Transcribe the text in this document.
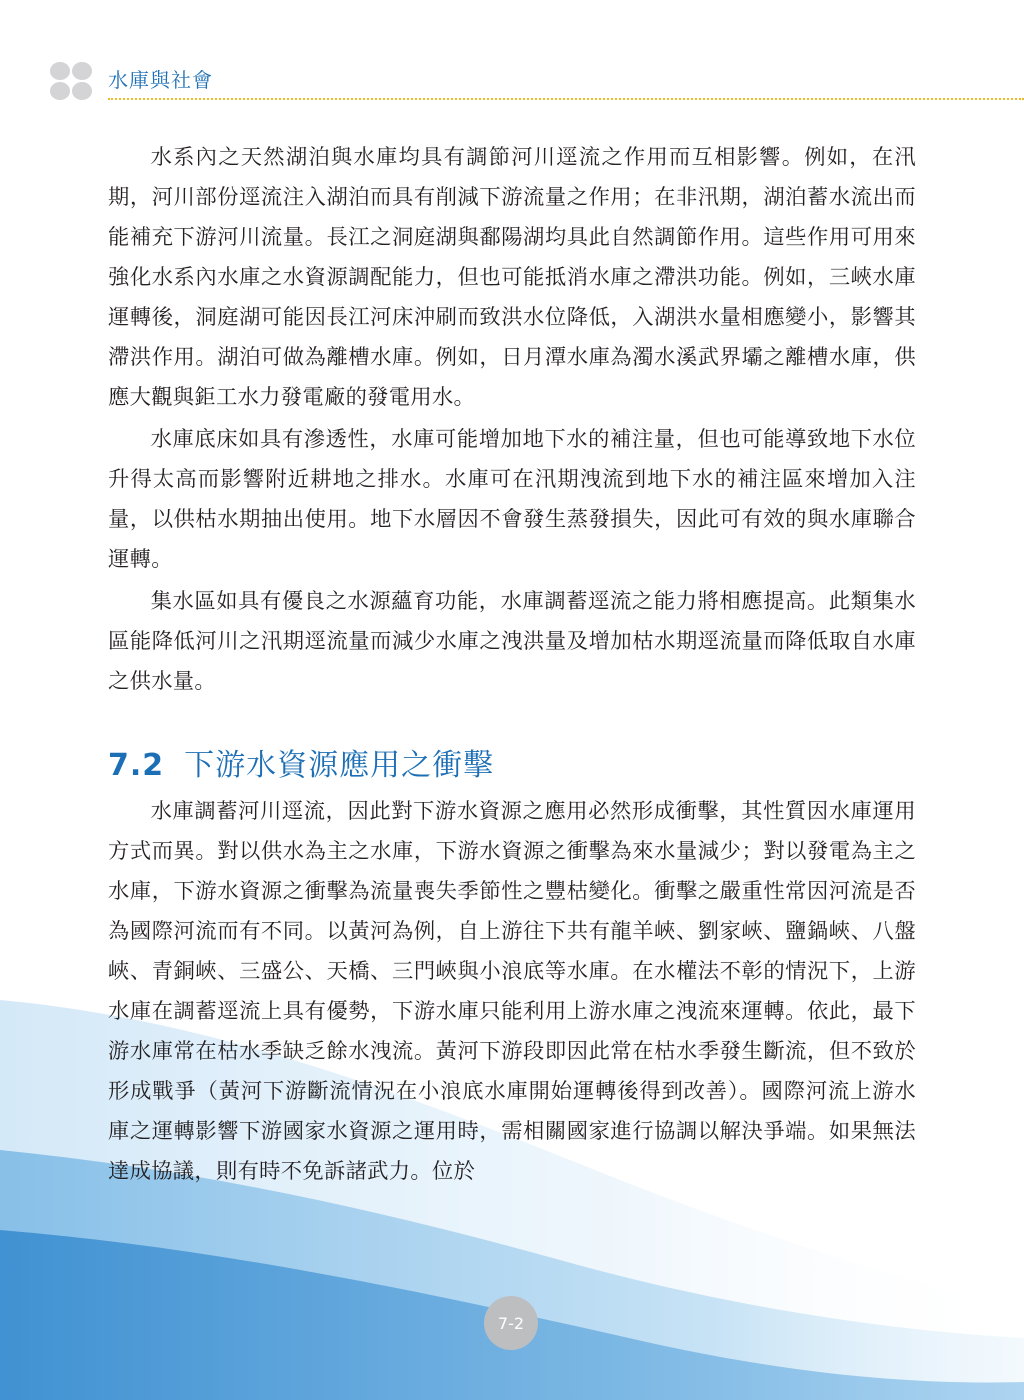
水庫與社會

水系內之天然湖泊與水庫均具有調節河川逕流之作用而互相影響。例如，在汛期，河川部份逕流注入湖泊而具有削減下游流量之作用；在非汛期，湖泊蓄水流出而能補充下游河川流量。長江之洞庭湖與鄱陽湖均具此自然調節作用。這些作用可用來強化水系內水庫之水資源調配能力，但也可能抵消水庫之滯洪功能。例如，三峽水庫運轉後，洞庭湖可能因長江河床沖刷而致洪水位降低，入湖洪水量相應變小，影響其滯洪作用。湖泊可做為離槽水庫。例如，日月潭水庫為濁水溪武界壩之離槽水庫，供應大觀與鉅工水力發電廠的發電用水。

水庫底床如具有滲透性，水庫可能增加地下水的補注量，但也可能導致地下水位升得太高而影響附近耕地之排水。水庫可在汛期洩流到地下水的補注區來增加入注量，以供枯水期抽出使用。地下水層因不會發生蒸發損失，因此可有效的與水庫聯合運轉。

集水區如具有優良之水源蘊育功能，水庫調蓄逕流之能力將相應提高。此類集水區能降低河川之汛期逕流量而減少水庫之洩洪量及增加枯水期逕流量而降低取自水庫之供水量。

7.2 下游水資源應用之衝擊

水庫調蓄河川逕流，因此對下游水資源之應用必然形成衝擊，其性質因水庫運用方式而異。對以供水為主之水庫，下游水資源之衝擊為來水量減少；對以發電為主之水庫，下游水資源之衝擊為流量喪失季節性之豐枯變化。衝擊之嚴重性常因河流是否為國際河流而有不同。以黃河為例，自上游往下共有龍羊峽、劉家峽、鹽鍋峽、八盤峽、青銅峽、三盛公、天橋、三門峽與小浪底等水庫。在水權法不彰的情況下，上游水庫在調蓄逕流上具有優勢，下游水庫只能利用上游水庫之洩流來運轉。依此，最下游水庫常在枯水季缺乏餘水洩流。黃河下游段即因此常在枯水季發生斷流，但不致於形成戰爭（黃河下游斷流情況在小浪底水庫開始運轉後得到改善）。國際河流上游水庫之運轉影響下游國家水資源之運用時，需相關國家進行協調以解決爭端。如果無法達成協議，則有時不免訴諸武力。位於

7-2
